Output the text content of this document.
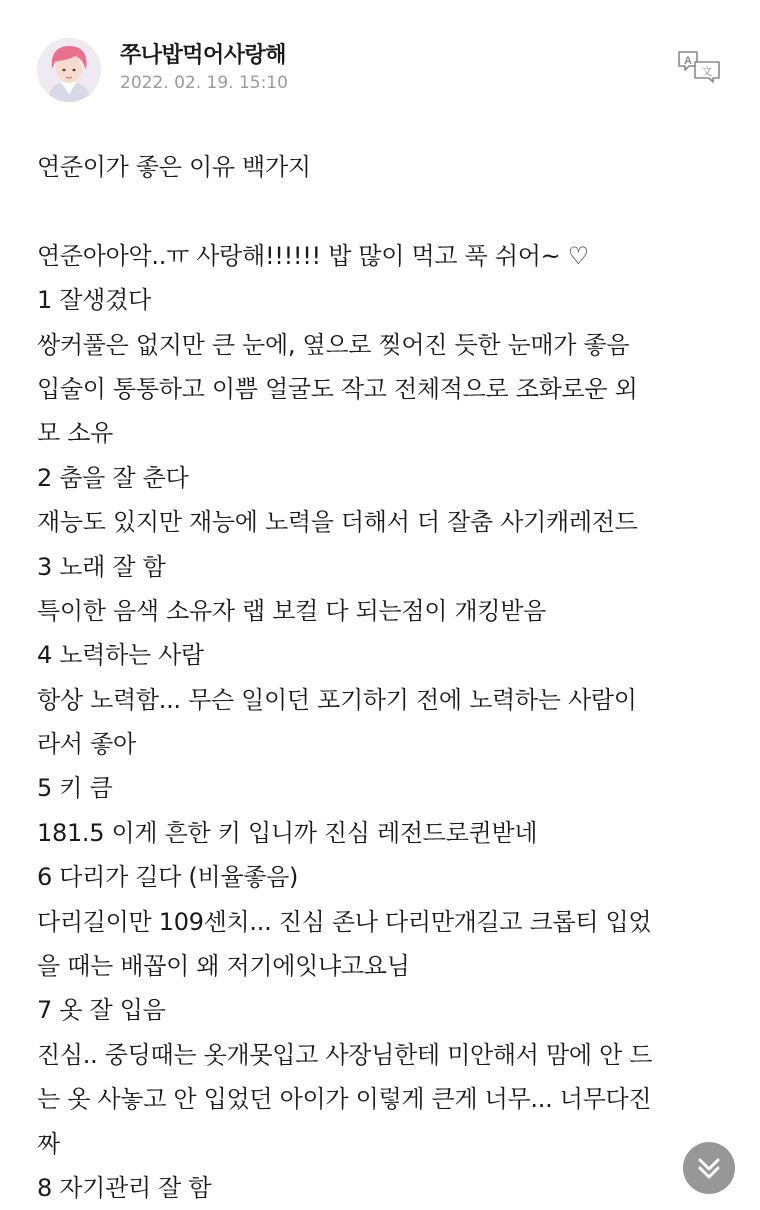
쭈나밥먹어사랑해
2022. 02. 19. 15:10
A
文
연준이가 좋은 이유 백가지
연준아아악..ㅠ 사랑해!!!!!! 밥 많이 먹고 푹 쉬어~ ♡
1 잘생겼다
쌍커풀은 없지만 큰 눈에, 옆으로 찢어진 듯한 눈매가 좋음
입술이 통통하고 이쁨 얼굴도 작고 전체적으로 조화로운 외
모 소유
2 춤을 잘 춘다
재능도 있지만 재능에 노력을 더해서 더 잘춤 사기캐레전드
3 노래 잘 함
특이한 음색 소유자 랩 보컬 다 되는점이 개킹받음
4 노력하는 사람
항상 노력함... 무슨 일이던 포기하기 전에 노력하는 사람이
라서 좋아
5 키 큼
181.5 이게 흔한 키 입니까 진심 레전드로퀸받네
6 다리가 길다 (비율좋음)
다리길이만 109센치... 진심 존나 다리만개길고 크롭티 입었
을 때는 배꼽이 왜 저기에잇냐고요님
7 옷 잘 입음
진심.. 중딩때는 옷개못입고 사장님한테 미안해서 맘에 안 드
는 옷 사놓고 안 입었던 아이가 이렇게 큰게 너무... 너무다진
짜
8 자기관리 잘 함
